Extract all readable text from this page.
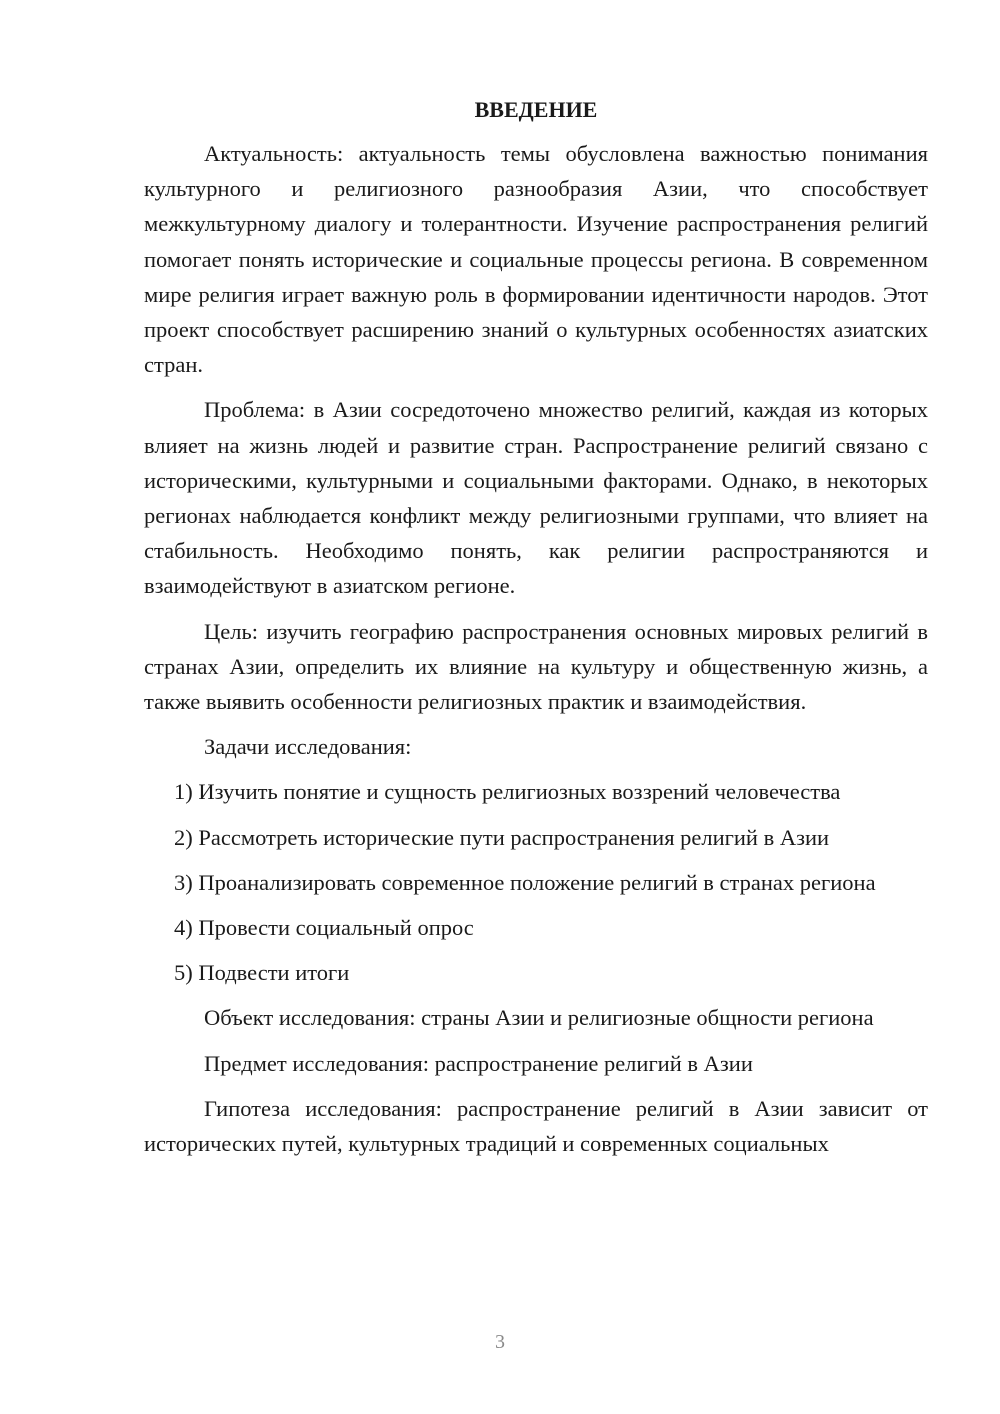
ВВЕДЕНИЕ

Актуальность: актуальность темы обусловлена важностью понимания культурного и религиозного разнообразия Азии, что способствует межкультурному диалогу и толерантности. Изучение распространения религий помогает понять исторические и социальные процессы региона. В современном мире религия играет важную роль в формировании идентичности народов. Этот проект способствует расширению знаний о культурных особенностях азиатских стран.

Проблема: в Азии сосредоточено множество религий, каждая из которых влияет на жизнь людей и развитие стран. Распространение религий связано с историческими, культурными и социальными факторами. Однако, в некоторых регионах наблюдается конфликт между религиозными группами, что влияет на стабильность. Необходимо понять, как религии распространяются и взаимодействуют в азиатском регионе.

Цель: изучить географию распространения основных мировых религий в странах Азии, определить их влияние на культуру и общественную жизнь, а также выявить особенности религиозных практик и взаимодействия.

Задачи исследования:

1) Изучить понятие и сущность религиозных воззрений человечества

2) Рассмотреть исторические пути распространения религий в Азии

3) Проанализировать современное положение религий в странах региона

4) Провести социальный опрос

5) Подвести итоги

Объект исследования: страны Азии и религиозные общности региона

Предмет исследования: распространение религий в Азии

Гипотеза исследования: распространение религий в Азии зависит от исторических путей, культурных традиций и современных социальных

3
